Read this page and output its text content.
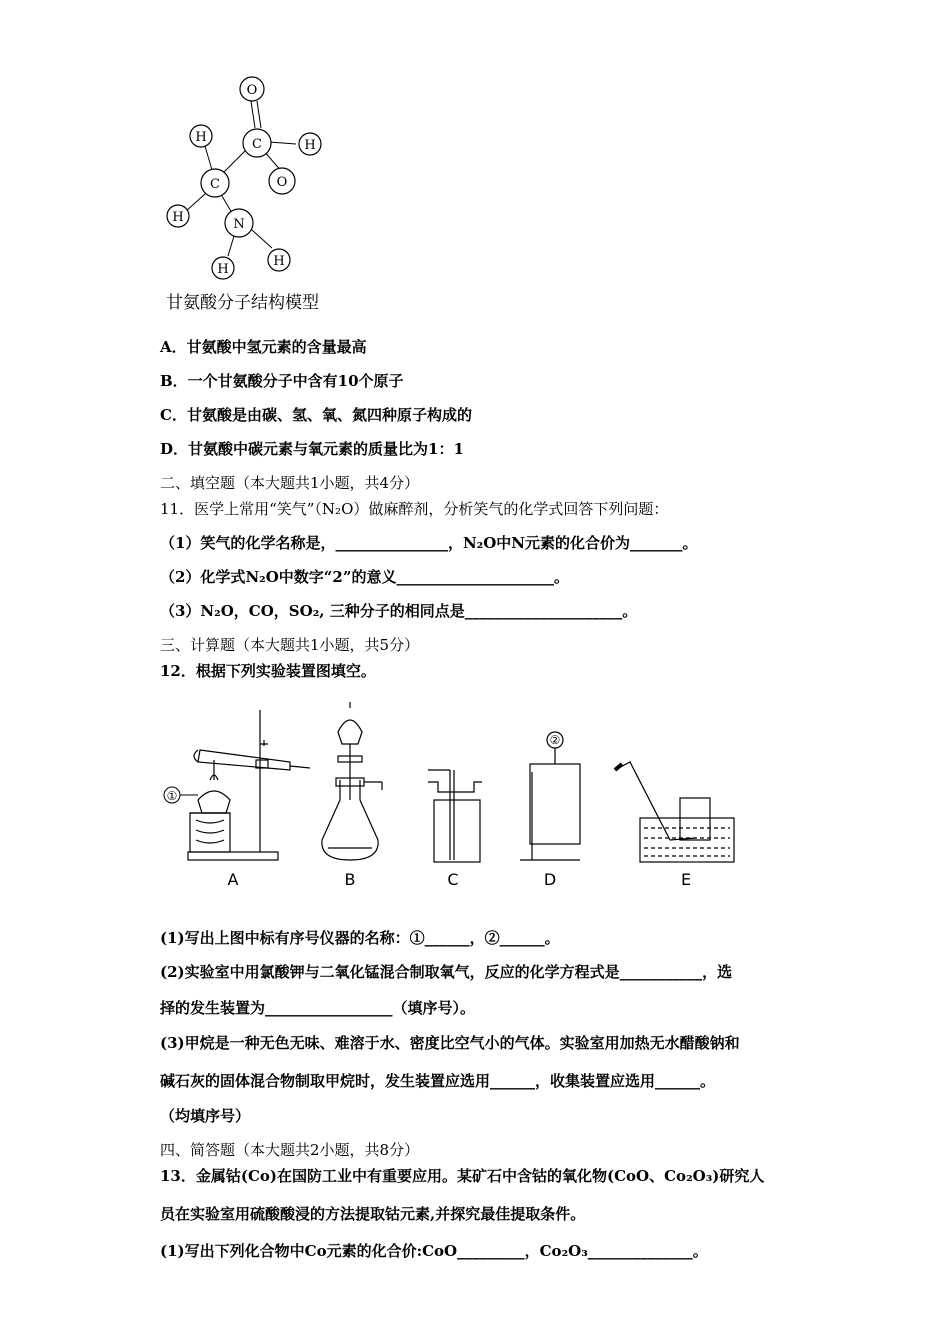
O
C
H
H
O
C
H	N
H
H
甘氨酸分子结构模型
A．甘氨酸中氢元素的含量最高
B．一个甘氨酸分子中含有10个原子
C．甘氨酸是由碳、氢、氧、氮四种原子构成的
D．甘氨酸中碳元素与氧元素的质量比为1：1
二、填空题（本大题共1小题，共4分）
11．医学上常用“笑气”（N₂O）做麻醉剂，分析笑气的化学式回答下列问题：
（1）笑气的化学名称是，_______________，N₂O中N元素的化合价为_______。
（2）化学式N₂O中数字“2”的意义_____________________。
（3）N₂O，CO，SO₂, 三种分子的相同点是_____________________。
三、计算题（本大题共1小题，共5分）
12．根据下列实验装置图填空。
①
②
A	B	C	D	E
(1)写出上图中标有序号仪器的名称：①______，②______。
(2)实验室中用氯酸钾与二氧化锰混合制取氧气，反应的化学方程式是___________，选
择的发生装置为_________________（填序号）。
(3)甲烷是一种无色无味、难溶于水、密度比空气小的气体。实验室用加热无水醋酸钠和
碱石灰的固体混合物制取甲烷时，发生装置应选用______，收集装置应选用______。
（均填序号）
四、简答题（本大题共2小题，共8分）
13．金属钴(Co)在国防工业中有重要应用。某矿石中含钴的氧化物(CoO、Co₂O₃)研究人
员在实验室用硫酸酸浸的方法提取钴元素,并探究最佳提取条件。
(1)写出下列化合物中Co元素的化合价:CoO_________，Co₂O₃______________。
